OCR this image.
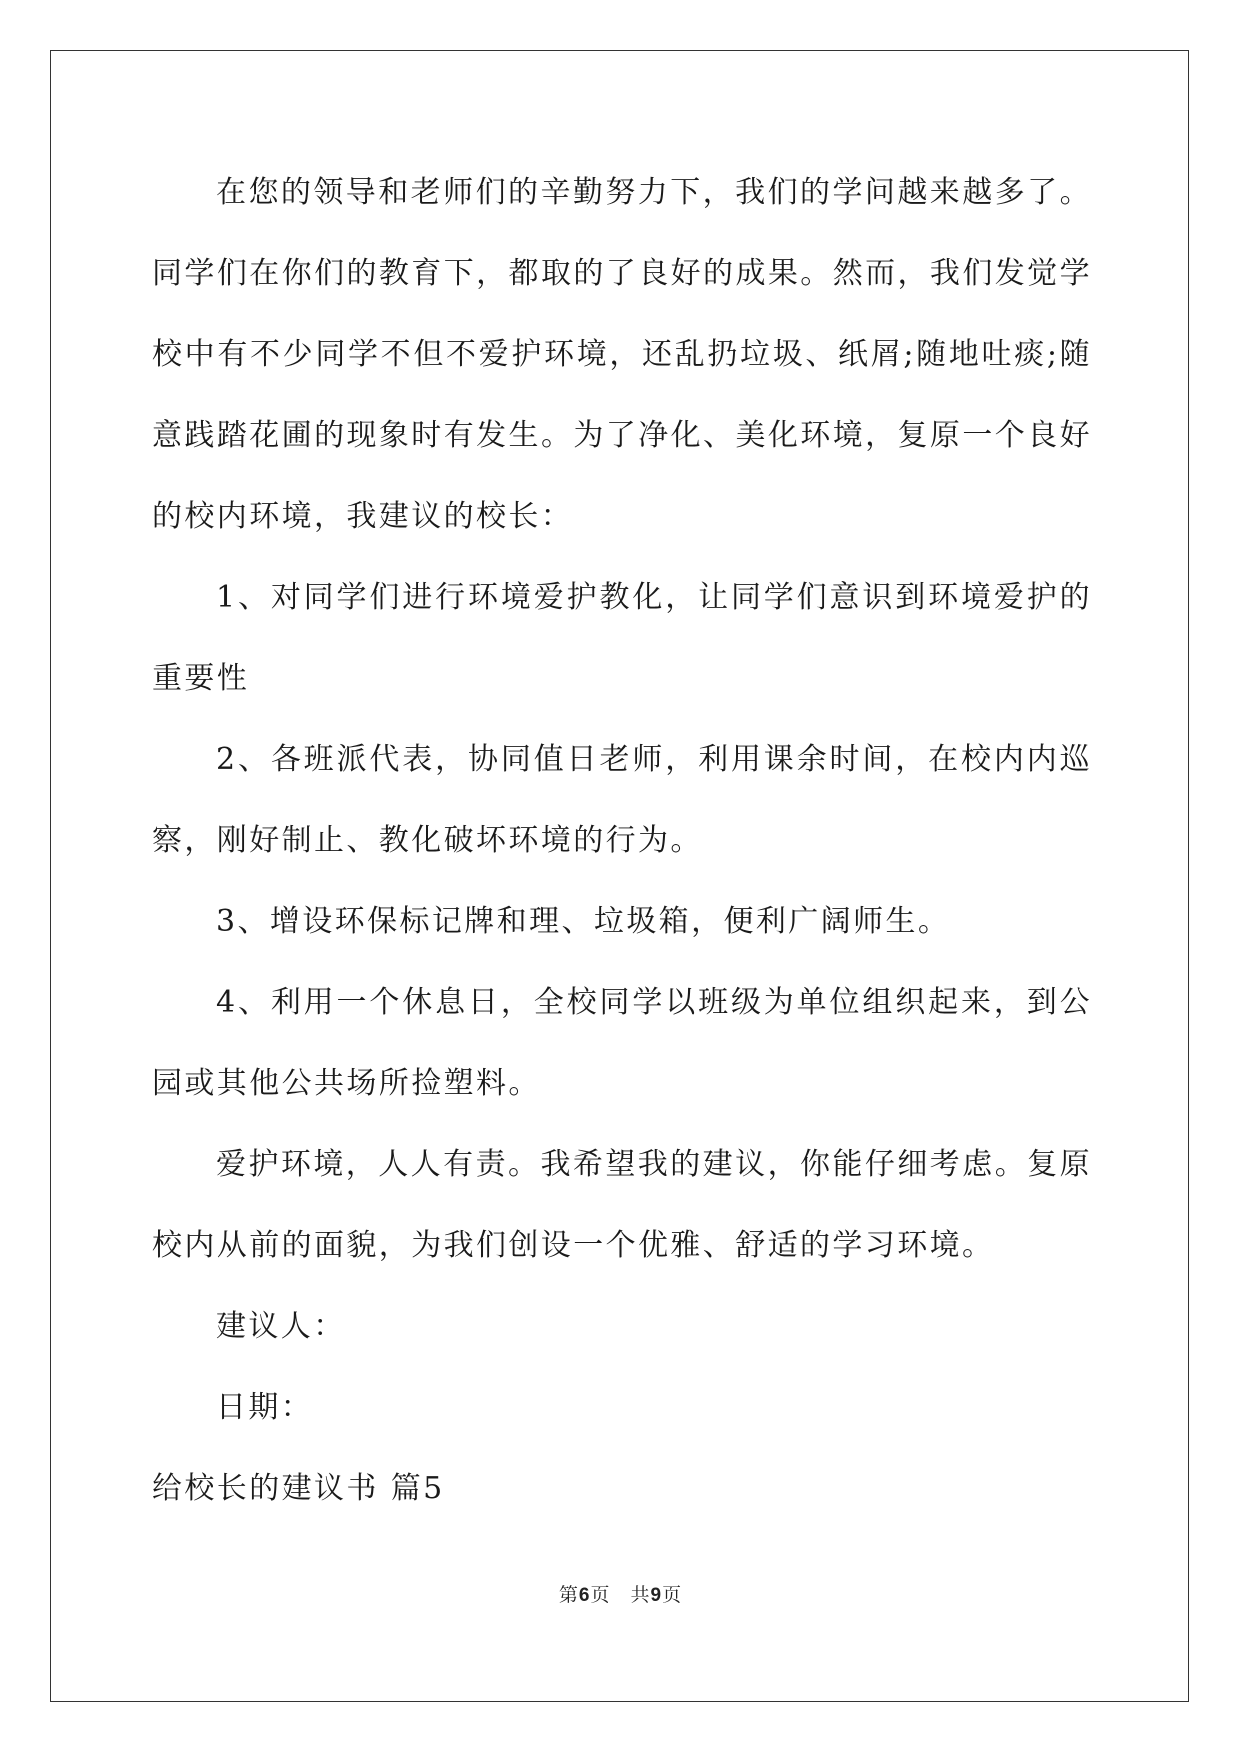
在您的领导和老师们的辛勤努力下，我们的学问越来越多了。同学们在你们的教育下，都取的了良好的成果。然而，我们发觉学校中有不少同学不但不爱护环境，还乱扔垃圾、纸屑;随地吐痰;随意践踏花圃的现象时有发生。为了净化、美化环境，复原一个良好的校内环境，我建议的校长：

1、对同学们进行环境爱护教化，让同学们意识到环境爱护的重要性

2、各班派代表，协同值日老师，利用课余时间，在校内内巡察，刚好制止、教化破坏环境的行为。

3、增设环保标记牌和理、垃圾箱，便利广阔师生。

4、利用一个休息日，全校同学以班级为单位组织起来，到公园或其他公共场所捡塑料。

爱护环境，人人有责。我希望我的建议，你能仔细考虑。复原校内从前的面貌，为我们创设一个优雅、舒适的学习环境。

建议人：

日期：

给校长的建议书 篇5

第6页　共9页
